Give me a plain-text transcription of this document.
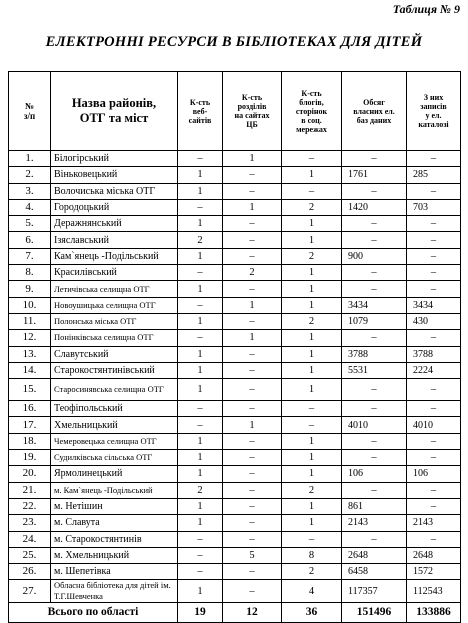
Таблиця № 9
ЕЛЕКТРОННІ РЕСУРСИ В БІБЛІОТЕКАХ ДЛЯ ДІТЕЙ
№
з/п	Назва районів,
ОТГ та міст	К-сть
веб-
сайтів	К-сть
розділів
на сайтах
ЦБ	К-сть
блогів,
сторінок
в соц.
мережах	Обсяг
власних ел.
баз даних	З них
записів
у ел.
каталозі
1.	Білогірський	–	1	–	–	–
2.	Віньковецький	1	–	1	1761	285
3.	Волочиська міська ОТГ	1	–	–	–	–
4.	Городоцький	–	1	2	1420	703
5.	Деражнянський	1	–	1	–	–
6.	Ізяславський	2	–	1	–	–
7.	Кам`янець -Подільський	1	–	2	900	–
8.	Красилівський	–	2	1	–	–
9.	Летичівська селищна ОТГ	1	–	1	–	–
10.	Новоушицька селищна ОТГ	–	1	1	3434	3434
11.	Полонська міська ОТГ	1	–	2	1079	430
12.	Понінківська селищна ОТГ	–	1	1	–	–
13.	Славутський	1	–	1	3788	3788
14.	Старокостянтинівський	1	–	1	5531	2224
15.	Старосинявська селищна ОТГ	1	–	1	–	–
16.	Теофіпольський	–	–	–	–	–
17.	Хмельницький	–	1	–	4010	4010
18.	Чемеровецька селищна ОТГ	1	–	1	–	–
19.	Судилківська сільська ОТГ	1	–	1	–	–
20.	Ярмолинецький	1	–	1	106	106
21.	м. Кам`янець -Подільський	2	–	2	–	–
22.	м. Нетішин	1	–	1	861	–
23.	м. Славута	1	–	1	2143	2143
24.	м. Старокостянтинів	–	–	–	–	–
25.	м. Хмельницький	–	5	8	2648	2648
26.	м. Шепетівка	–	–	2	6458	1572
27.	Обласна бібліотека для дітей ім. Т.Г.Шевченка	1	–	4	117357	112543
Всього по області		19	12	36	151496	133886
